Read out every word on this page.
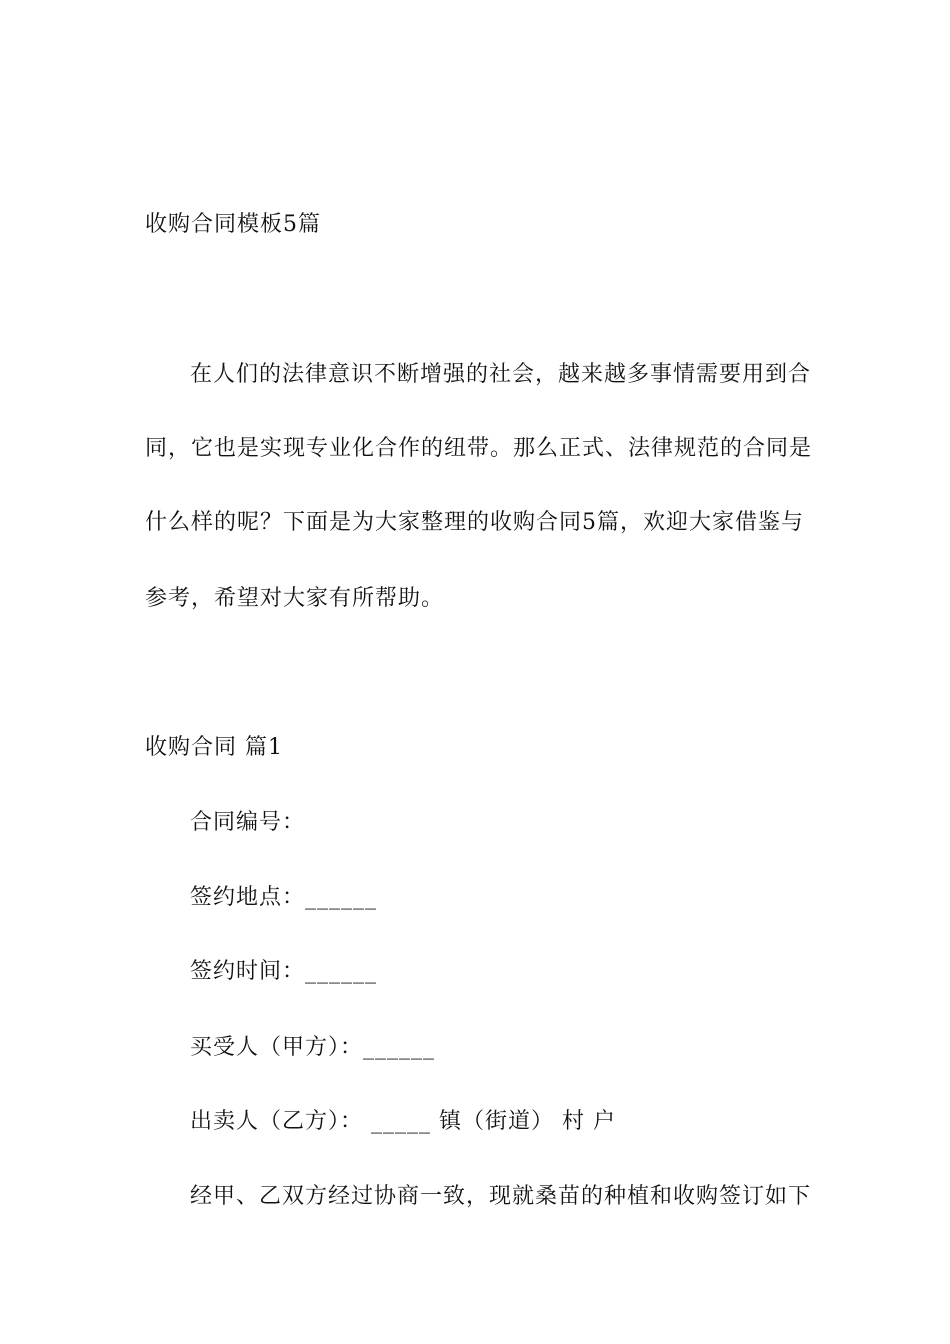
收购合同模板5篇
在人们的法律意识不断增强的社会，越来越多事情需要用到合
同，它也是实现专业化合作的纽带。那么正式、法律规范的合同是
什么样的呢？下面是为大家整理的收购合同5篇，欢迎大家借鉴与
参考，希望对大家有所帮助。
收购合同 篇1
合同编号：
签约地点：______
签约时间：______
买受人（甲方）：______
出卖人（乙方）： _____ 镇（街道） 村 户
经甲、乙双方经过协商一致，现就桑苗的种植和收购签订如下
